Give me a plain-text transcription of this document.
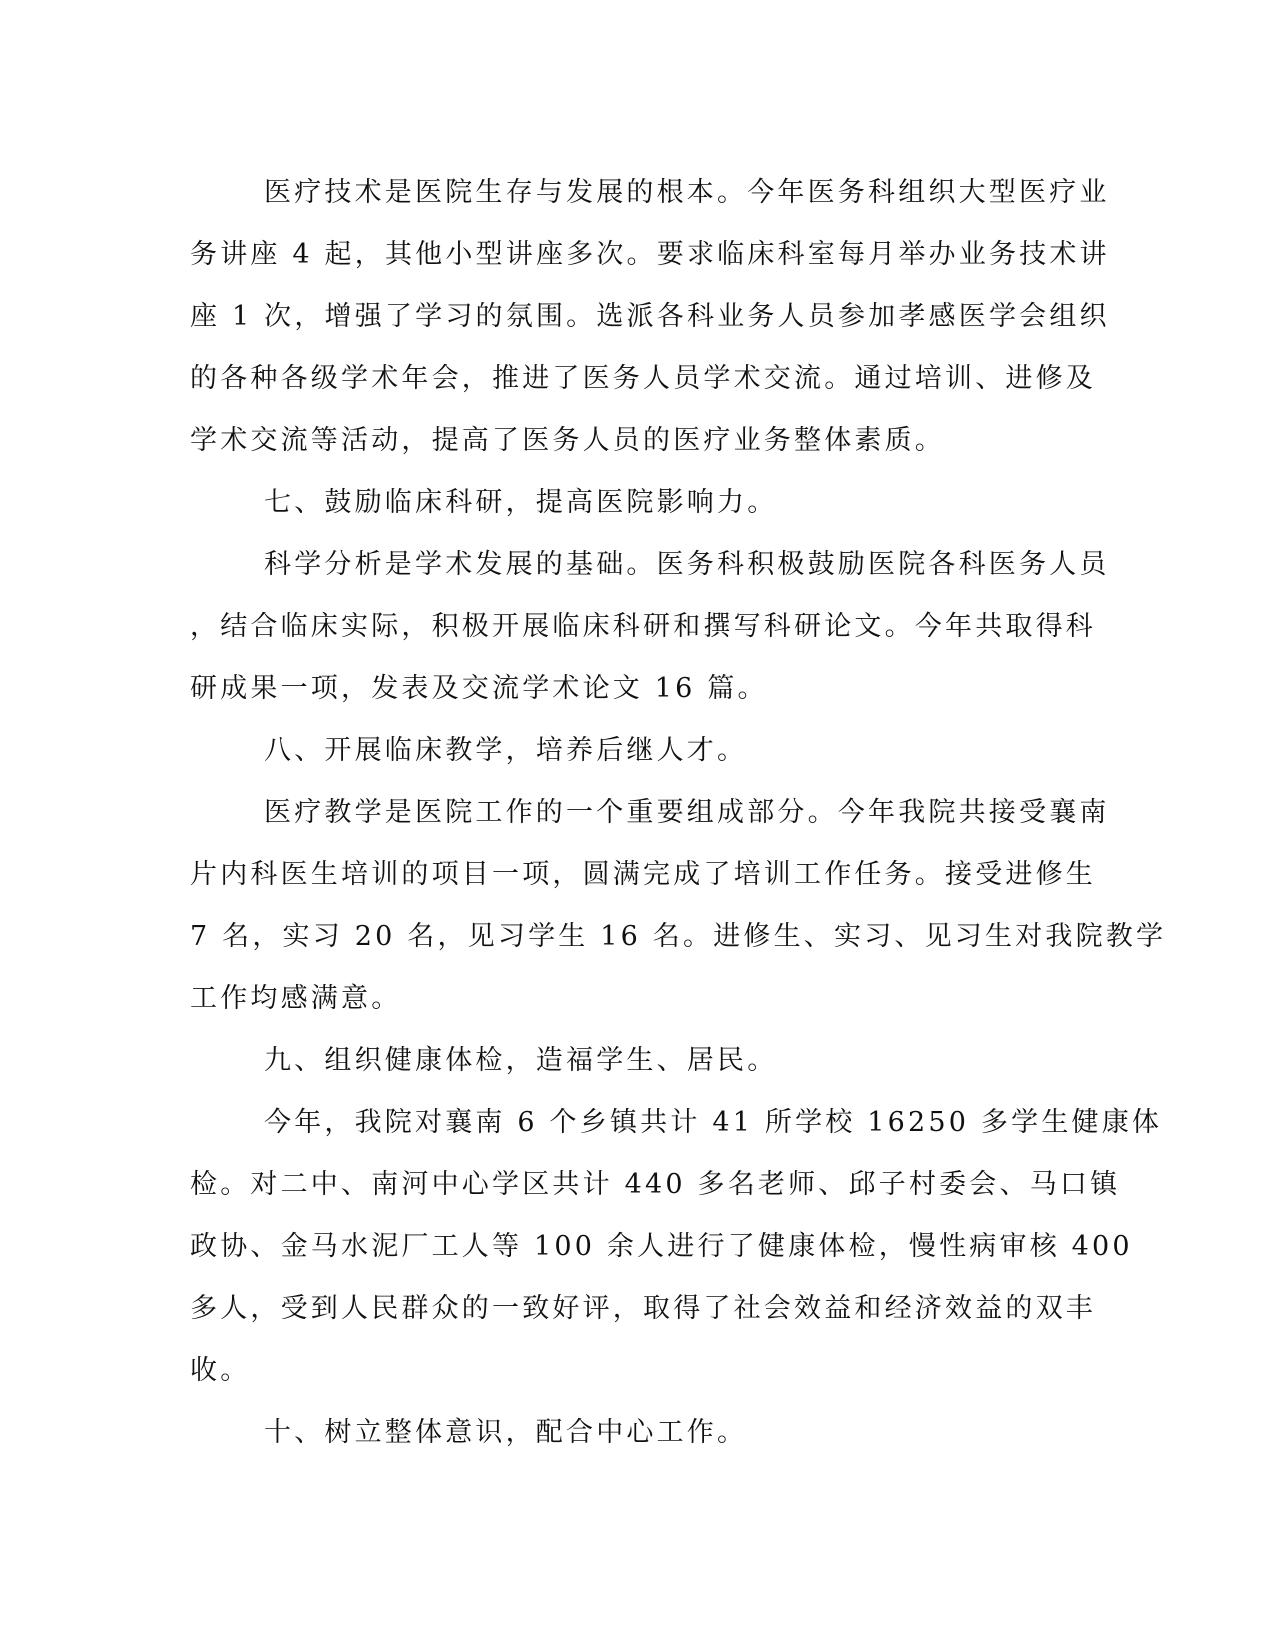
医疗技术是医院生存与发展的根本。今年医务科组织大型医疗业
务讲座 4 起，其他小型讲座多次。要求临床科室每月举办业务技术讲
座 1 次，增强了学习的氛围。选派各科业务人员参加孝感医学会组织
的各种各级学术年会，推进了医务人员学术交流。通过培训、进修及
学术交流等活动，提高了医务人员的医疗业务整体素质。
七、鼓励临床科研，提高医院影响力。
科学分析是学术发展的基础。医务科积极鼓励医院各科医务人员
，结合临床实际，积极开展临床科研和撰写科研论文。今年共取得科
研成果一项，发表及交流学术论文 16 篇。
八、开展临床教学，培养后继人才。
医疗教学是医院工作的一个重要组成部分。今年我院共接受襄南
片内科医生培训的项目一项，圆满完成了培训工作任务。接受进修生
7 名，实习 20 名，见习学生 16 名。进修生、实习、见习生对我院教学
工作均感满意。
九、组织健康体检，造福学生、居民。
今年，我院对襄南 6 个乡镇共计 41 所学校 16250 多学生健康体
检。对二中、南河中心学区共计 440 多名老师、邱子村委会、马口镇
政协、金马水泥厂工人等 100 余人进行了健康体检，慢性病审核 400
多人，受到人民群众的一致好评，取得了社会效益和经济效益的双丰
收。
十、树立整体意识，配合中心工作。
